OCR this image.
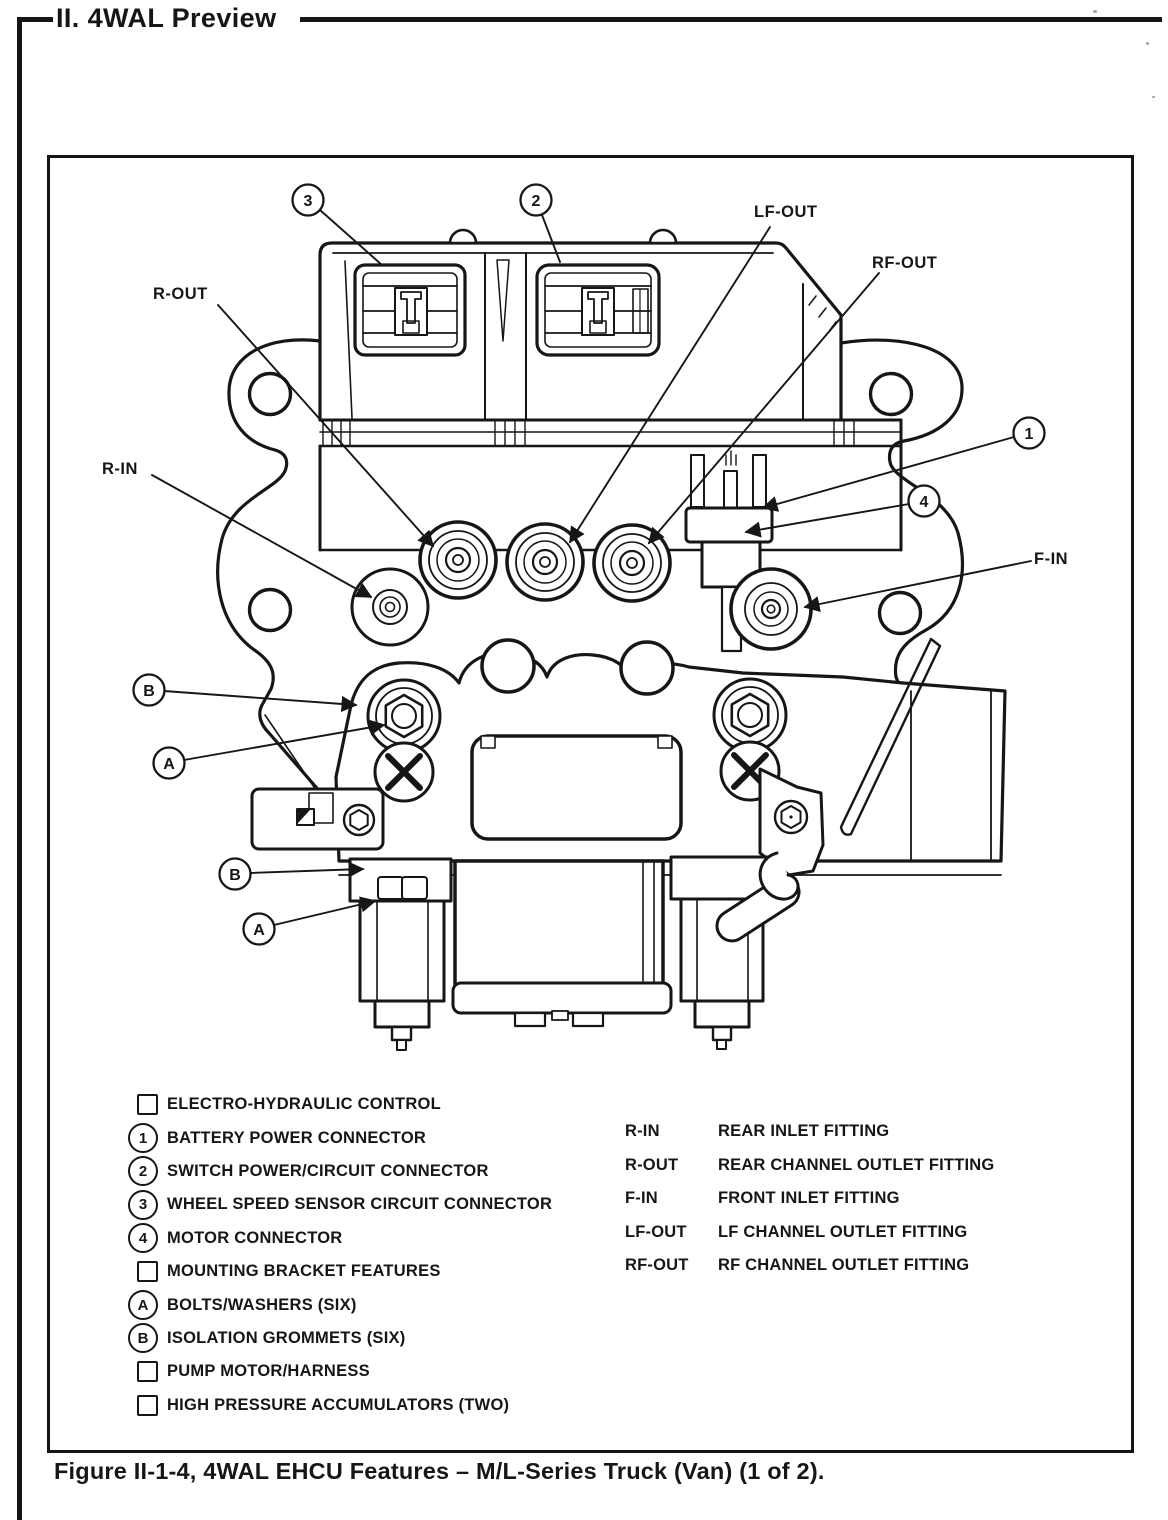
II. 4WAL Preview
3	2
1
4
B
A
B
A
R-OUT
R-IN
LF-OUT
RF-OUT
F-IN
ELECTRO-HYDRAULIC CONTROL
1	BATTERY POWER CONNECTOR
2	SWITCH POWER/CIRCUIT CONNECTOR
3	WHEEL SPEED SENSOR CIRCUIT CONNECTOR
4	MOTOR CONNECTOR
MOUNTING BRACKET FEATURES
A	BOLTS/WASHERS (SIX)
B	ISOLATION GROMMETS (SIX)
PUMP MOTOR/HARNESS
HIGH PRESSURE ACCUMULATORS (TWO)
R-IN	REAR INLET FITTING
R-OUT	REAR CHANNEL OUTLET FITTING
F-IN	FRONT INLET FITTING
LF-OUT	LF CHANNEL OUTLET FITTING
RF-OUT	RF CHANNEL OUTLET FITTING
Figure II-1-4, 4WAL EHCU Features – M/L-Series Truck (Van) (1 of 2).
